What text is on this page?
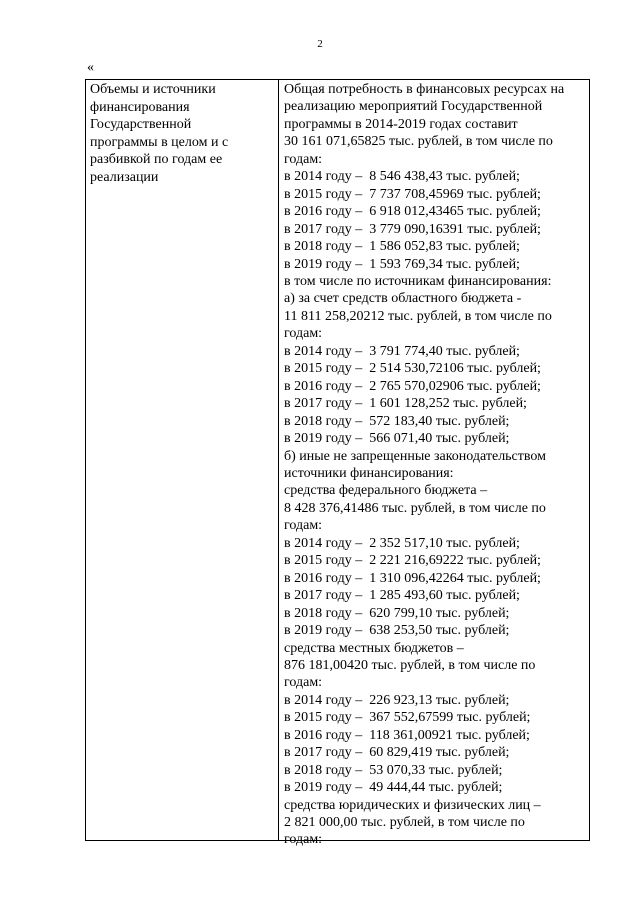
2
«
Объемы и источники
финансирования
Государственной
программы в целом и с
разбивкой по годам ее
реализации
Общая потребность в финансовых ресурсах на
реализацию мероприятий Государственной
программы в 2014-2019 годах составит
30 161 071,65825 тыс. рублей, в том числе по
годам:
в 2014 году –  8 546 438,43 тыс. рублей;
в 2015 году –  7 737 708,45969 тыс. рублей;
в 2016 году –  6 918 012,43465 тыс. рублей;
в 2017 году –  3 779 090,16391 тыс. рублей;
в 2018 году –  1 586 052,83 тыс. рублей;
в 2019 году –  1 593 769,34 тыс. рублей;
в том числе по источникам финансирования:
а) за счет средств областного бюджета -
11 811 258,20212 тыс. рублей, в том числе по
годам:
в 2014 году –  3 791 774,40 тыс. рублей;
в 2015 году –  2 514 530,72106 тыс. рублей;
в 2016 году –  2 765 570,02906 тыс. рублей;
в 2017 году –  1 601 128,252 тыс. рублей;
в 2018 году –  572 183,40 тыс. рублей;
в 2019 году –  566 071,40 тыс. рублей;
б) иные не запрещенные законодательством
источники финансирования:
средства федерального бюджета –
8 428 376,41486 тыс. рублей, в том числе по
годам:
в 2014 году –  2 352 517,10 тыс. рублей;
в 2015 году –  2 221 216,69222 тыс. рублей;
в 2016 году –  1 310 096,42264 тыс. рублей;
в 2017 году –  1 285 493,60 тыс. рублей;
в 2018 году –  620 799,10 тыс. рублей;
в 2019 году –  638 253,50 тыс. рублей;
средства местных бюджетов –
876 181,00420 тыс. рублей, в том числе по
годам:
в 2014 году –  226 923,13 тыс. рублей;
в 2015 году –  367 552,67599 тыс. рублей;
в 2016 году –  118 361,00921 тыс. рублей;
в 2017 году –  60 829,419 тыс. рублей;
в 2018 году –  53 070,33 тыс. рублей;
в 2019 году –  49 444,44 тыс. рублей;
средства юридических и физических лиц –
2 821 000,00 тыс. рублей, в том числе по
годам:
